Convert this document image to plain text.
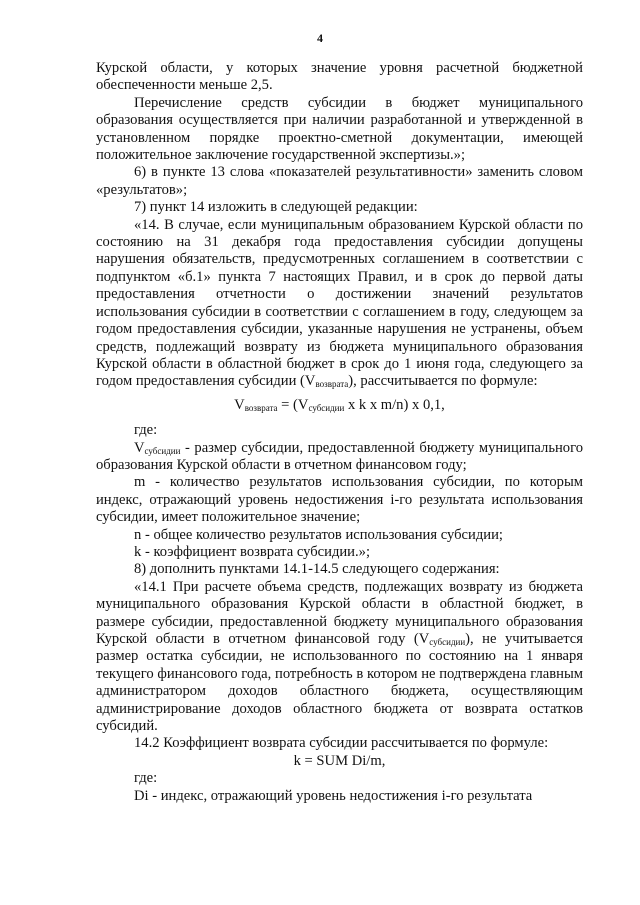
4

Курской области, у которых значение уровня расчетной бюджетной обеспеченности меньше 2,5.

Перечисление средств субсидии в бюджет муниципального образования осуществляется при наличии разработанной и утвержденной в установленном порядке проектно-сметной документации, имеющей положительное заключение государственной экспертизы.»;

6) в пункте 13 слова «показателей результативности» заменить словом «результатов»;

7) пункт 14 изложить в следующей редакции:

«14. В случае, если муниципальным образованием Курской области по состоянию на 31 декабря года предоставления субсидии допущены нарушения обязательств, предусмотренных соглашением в соответствии с подпунктом «б.1» пункта 7 настоящих Правил, и в срок до первой даты предоставления отчетности о достижении значений результатов использования субсидии в соответствии с соглашением в году, следующем за годом предоставления субсидии, указанные нарушения не устранены, объем средств, подлежащий возврату из бюджета муниципального образования Курской области в областной бюджет в срок до 1 июня года, следующего за годом предоставления субсидии $(V_{возврата})$, рассчитывается по формуле:

$V_{возврата} = (V_{субсидии}$ x k x m/n) x 0,1,

где:

$V_{субсидии}$ - размер субсидии, предоставленной бюджету муниципального образования Курской области в отчетном финансовом году;

m - количество результатов использования субсидии, по которым индекс, отражающий уровень недостижения i-го результата использования субсидии, имеет положительное значение;

n - общее количество результатов использования субсидии;

k - коэффициент возврата субсидии.»;

8) дополнить пунктами 14.1-14.5 следующего содержания:

«14.1 При расчете объема средств, подлежащих возврату из бюджета муниципального образования Курской области в областной бюджет, в размере субсидии, предоставленной бюджету муниципального образования Курской области в отчетном финансовой году $(V_{субсидии})$, не учитывается размер остатка субсидии, не использованного по состоянию на 1 января текущего финансового года, потребность в котором не подтверждена главным администратором доходов областного бюджета, осуществляющим администрирование доходов областного бюджета от возврата остатков субсидий.

14.2 Коэффициент возврата субсидии рассчитывается по формуле:

k = SUM Di/m,

где:

Di - индекс, отражающий уровень недостижения i-го результата
